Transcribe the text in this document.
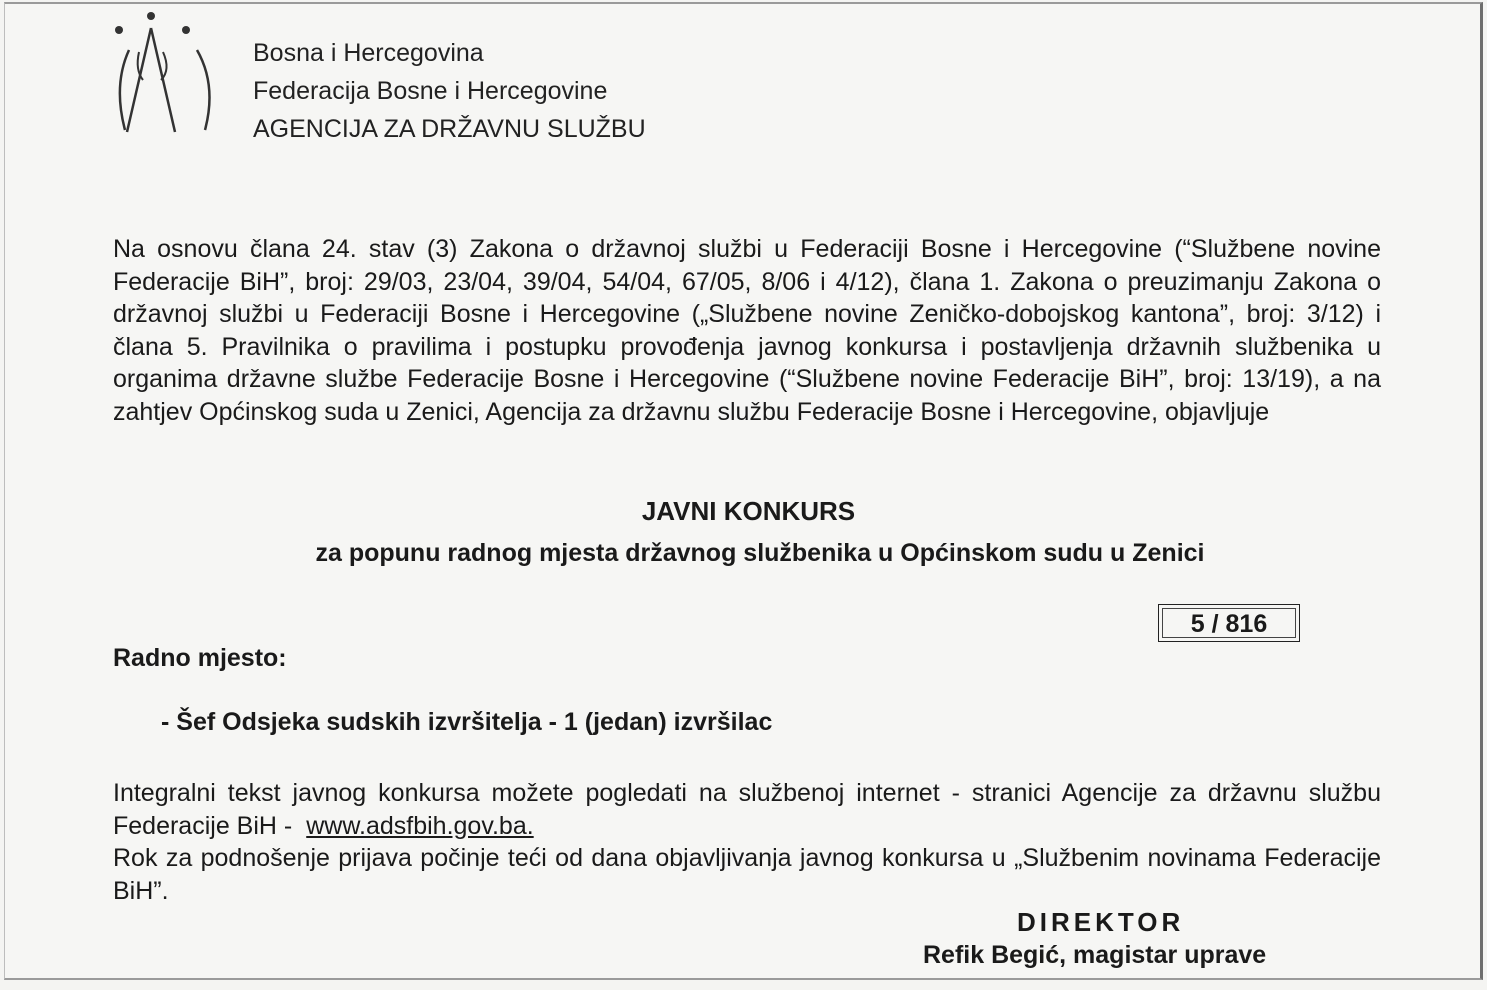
Bosna i Hercegovina
Federacija Bosne i Hercegovine
AGENCIJA ZA DRŽAVNU SLUŽBU
Na osnovu člana 24. stav (3) Zakona o državnoj službi u Federaciji Bosne i Hercegovine (“Službene novine Federacije BiH”, broj: 29/03, 23/04, 39/04, 54/04, 67/05, 8/06 i 4/12), člana 1. Zakona o preuzimanju Zakona o državnoj službi u Federaciji Bosne i Hercegovine („Službene novine Zeničko-dobojskog kantona”, broj: 3/12) i člana 5. Pravilnika o pravilima i postupku provođenja javnog konkursa i postavljenja državnih službenika u organima državne službe Federacije Bosne i Hercegovine (“Službene novine Federacije BiH”, broj: 13/19), a na zahtjev Općinskog suda u Zenici, Agencija za državnu službu Federacije Bosne i Hercegovine, objavljuje
JAVNI KONKURS
za popunu radnog mjesta državnog službenika u Općinskom sudu u Zenici
5 / 816
Radno mjesto:
- Šef Odsjeka sudskih izvršitelja - 1 (jedan) izvršilac
Integralni tekst javnog konkursa možete pogledati na službenoj internet - stranici Agencije za državnu službu Federacije BiH - www.adsfbih.gov.ba.
Rok za podnošenje prijava počinje teći od dana objavljivanja javnog konkursa u „Službenim novinama Federacije BiH”.
DIREKTOR
Refik Begić, magistar uprave
